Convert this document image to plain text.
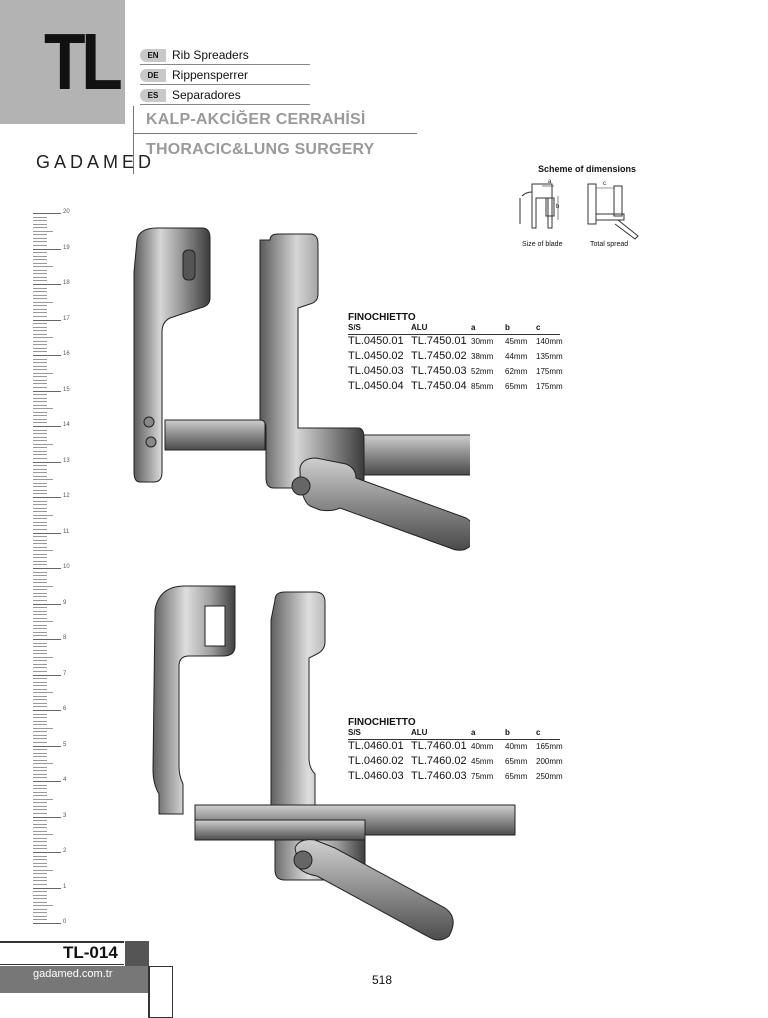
TL	EN	Rib Spreaders
DE	Rippensperrer
ES	Separadores
KALP-AKCİĞER CERRAHİSİ
THORACIC&LUNG SURGERY
GADAMED	Scheme of dimensions
a
b
c
Size of blade	Total spread
20
19
18
17
16
15
14
13
12
11
10
9
8
7
6
5
4
3
2
1
0
FINOCHIETTO
S/S	ALU	a	b	c
TL.0450.01 TL.7450.01 30mm 45mm 140mm
TL.0450.02 TL.7450.02 38mm 44mm 135mm
TL.0450.03 TL.7450.03 52mm 62mm 175mm
TL.0450.04 TL.7450.04 85mm 65mm 175mm
FINOCHIETTO
S/S	ALU	a	b	c
TL.0460.01 TL.7460.01 40mm 40mm 165mm
TL.0460.02 TL.7460.02 45mm 65mm 200mm
TL.0460.03 TL.7460.03 75mm 65mm 250mm
TL-014
gadamed.com.tr	518
